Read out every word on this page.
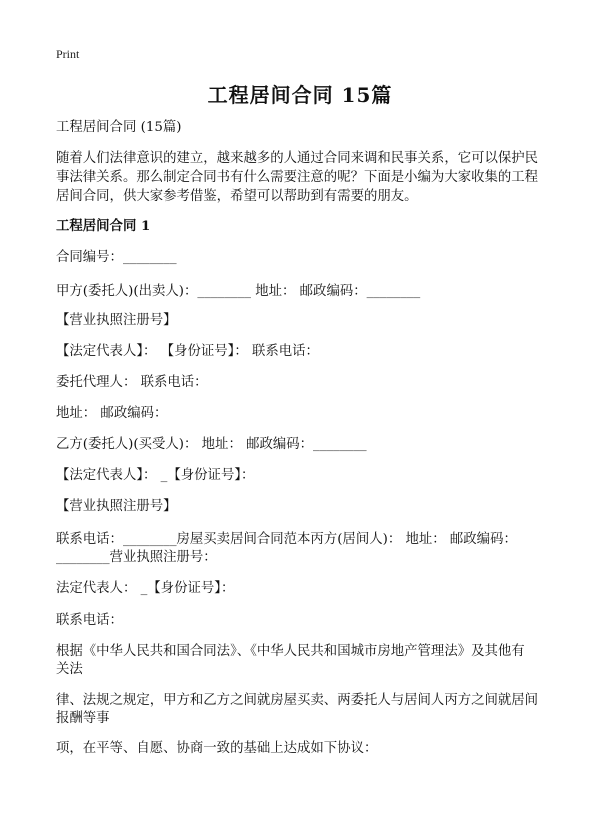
Print
工程居间合同 15篇
工程居间合同 (15篇)
随着人们法律意识的建立，越来越多的人通过合同来调和民事关系，它可以保护民
事法律关系。那么制定合同书有什么需要注意的呢？下面是小编为大家收集的工程
居间合同，供大家参考借鉴，希望可以帮助到有需要的朋友。
工程居间合同 1
合同编号：________
甲方(委托人)(出卖人)：________ 地址： 邮政编码：________
【营业执照注册号】
【法定代表人】： 【身份证号】： 联系电话：
委托代理人： 联系电话：
地址： 邮政编码：
乙方(委托人)(买受人)： 地址： 邮政编码：________
【法定代表人】： _【身份证号】：
【营业执照注册号】
联系电话：________房屋买卖居间合同范本丙方(居间人)： 地址： 邮政编码：
________营业执照注册号：
法定代表人： _【身份证号】：
联系电话：
根据《中华人民共和国合同法》、《中华人民共和国城市房地产管理法》及其他有
关法
律、法规之规定，甲方和乙方之间就房屋买卖、两委托人与居间人丙方之间就居间
报酬等事
项，在平等、自愿、协商一致的基础上达成如下协议：
